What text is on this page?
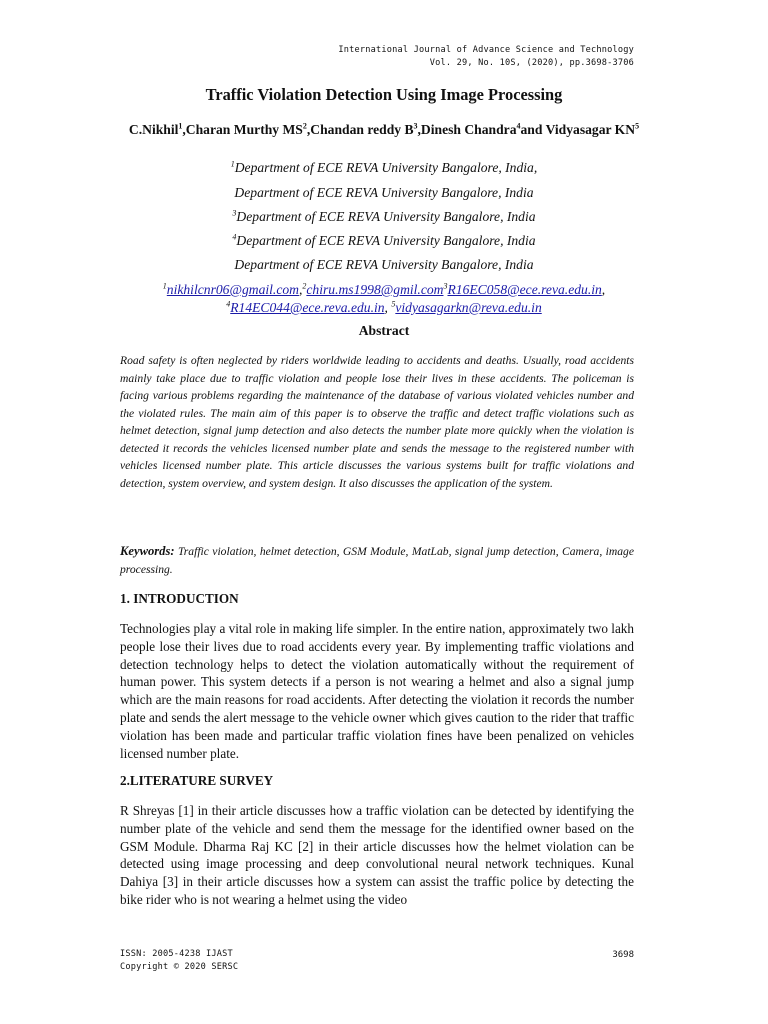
International Journal of Advance Science and Technology
Vol. 29, No. 10S, (2020), pp.3698-3706
Traffic Violation Detection Using Image Processing
C.Nikhil$^1$,Charan Murthy $MS^2,Chandan$ reddy $B^3,Dinesh$ Chandra$^4$and Vidyasagar $KN^5$
$^1$Department of ECE REVA University Bangalore, India,
Department of ECE REVA University Bangalore, India
$^3$Department of ECE REVA University Bangalore, India
$^4$Department of ECE REVA University Bangalore, India
Department of ECE REVA University Bangalore, India
$^1$nikhilcnr06@gmail.com,$^2$chiru.ms1998@gmil.com$^3$R16EC058@ece.reva.edu.in,
$^4$R14EC044@ece.reva.edu.in, $^5$vidyasagarkn@reva.edu.in
Abstract
Road safety is often neglected by riders worldwide leading to accidents and deaths. Usually, road accidents mainly take place due to traffic violation and people lose their lives in these accidents. The policeman is facing various problems regarding the maintenance of the database of various violated vehicles number and the violated rules. The main aim of this paper is to observe the traffic and detect traffic violations such as helmet detection, signal jump detection and also detects the number plate more quickly when the violation is detected it records the vehicles licensed number plate and sends the message to the registered number with vehicles licensed number plate. This article discusses the various systems built for traffic violations and detection, system overview, and system design. It also discusses the application of the system.
Keywords: Traffic violation, helmet detection, GSM Module, MatLab, signal jump detection, Camera, image processing.
1. INTRODUCTION
Technologies play a vital role in making life simpler. In the entire nation, approximately two lakh people lose their lives due to road accidents every year. By implementing traffic violations and detection technology helps to detect the violation automatically without the requirement of human power. This system detects if a person is not wearing a helmet and also a signal jump which are the main reasons for road accidents. After detecting the violation it records the number plate and sends the alert message to the vehicle owner which gives caution to the rider that traffic violation has been made and particular traffic violation fines have been penalized on vehicles licensed number plate.
2.LITERATURE SURVEY
R Shreyas [1] in their article discusses how a traffic violation can be detected by identifying the number plate of the vehicle and send them the message for the identified owner based on the GSM Module. Dharma Raj KC [2] in their article discusses how the helmet violation can be detected using image processing and deep convolutional neural network techniques. Kunal Dahiya [3] in their article discusses how a system can assist the traffic police by detecting the bike rider who is not wearing a helmet using the video
ISSN: 2005-4238 IJAST
Copyright © 2020 SERSC
3698
